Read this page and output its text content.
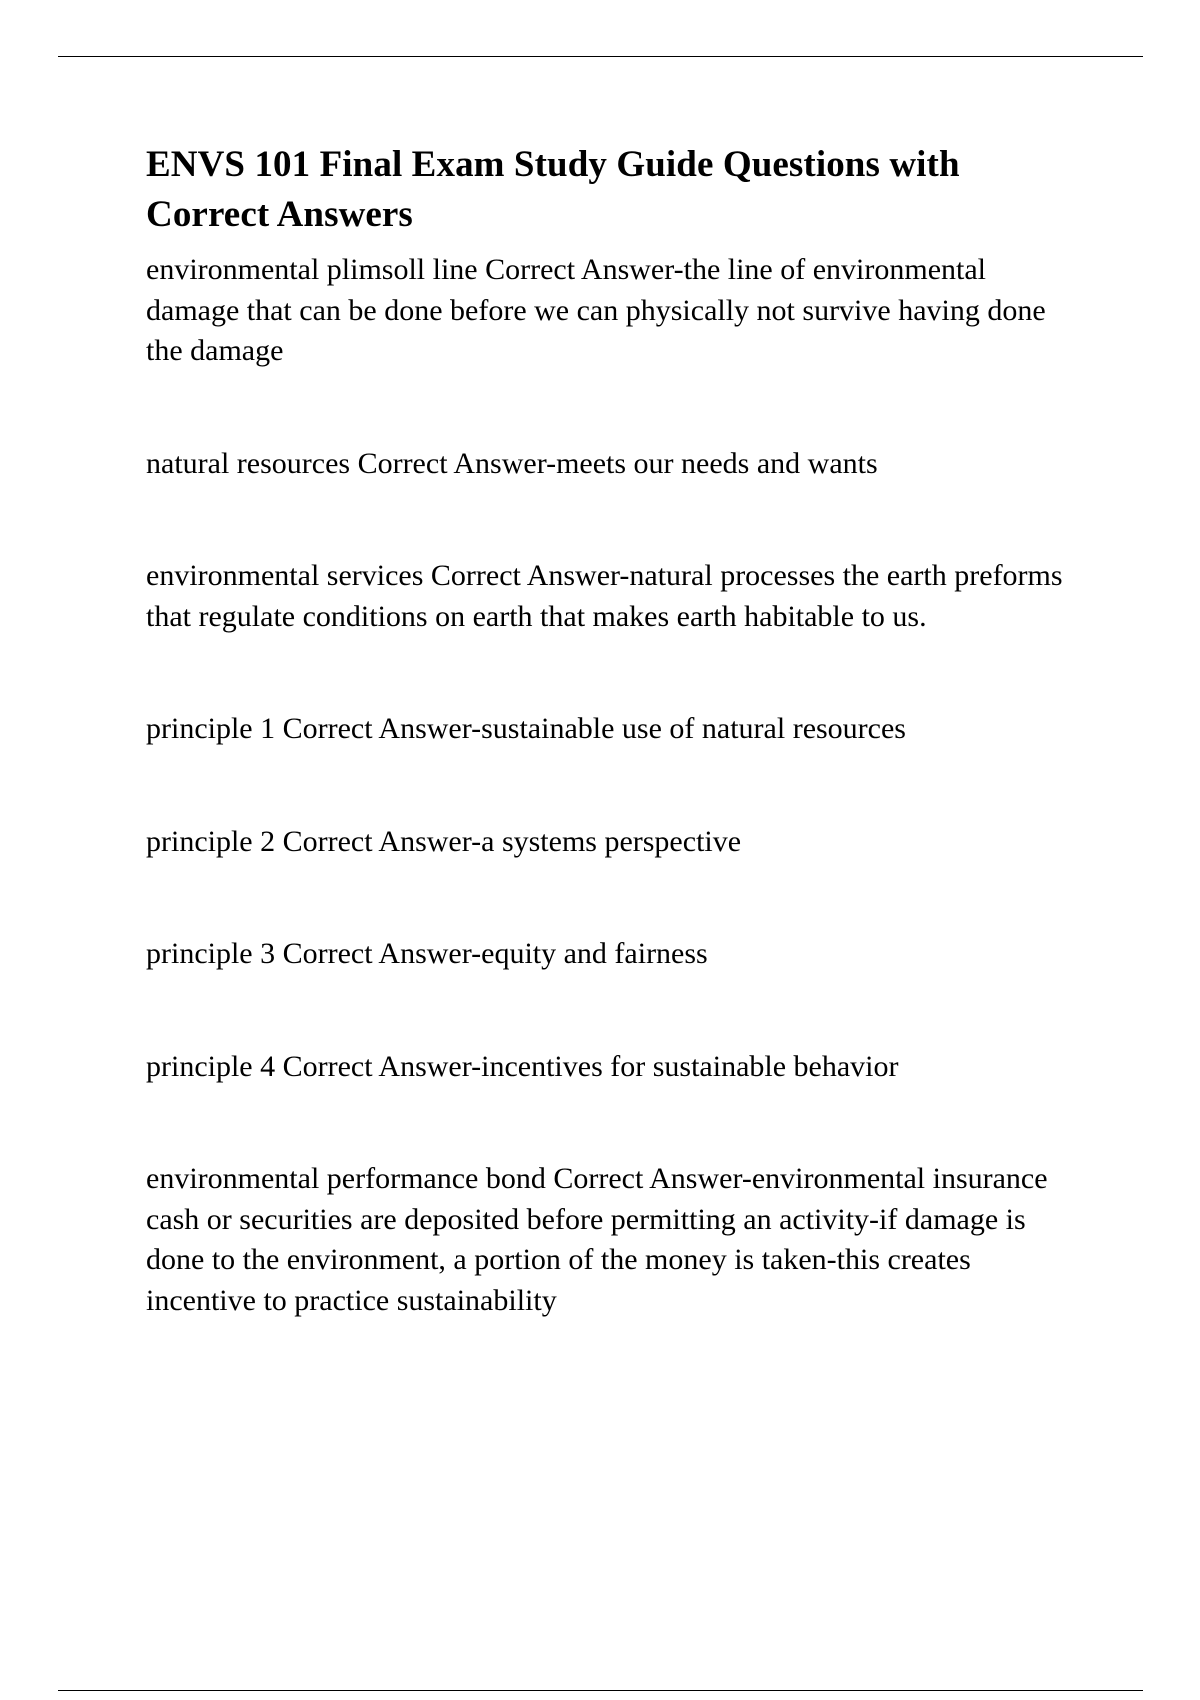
ENVS 101 Final Exam Study Guide Questions with Correct Answers

environmental plimsoll line Correct Answer-the line of environmental damage that can be done before we can physically not survive having done the damage

natural resources Correct Answer-meets our needs and wants

environmental services Correct Answer-natural processes the earth preforms that regulate conditions on earth that makes earth habitable to us.

principle 1 Correct Answer-sustainable use of natural resources

principle 2 Correct Answer-a systems perspective

principle 3 Correct Answer-equity and fairness

principle 4 Correct Answer-incentives for sustainable behavior

environmental performance bond Correct Answer-environmental insurance cash or securities are deposited before permitting an activity-if damage is done to the environment, a portion of the money is taken-this creates incentive to practice sustainability
